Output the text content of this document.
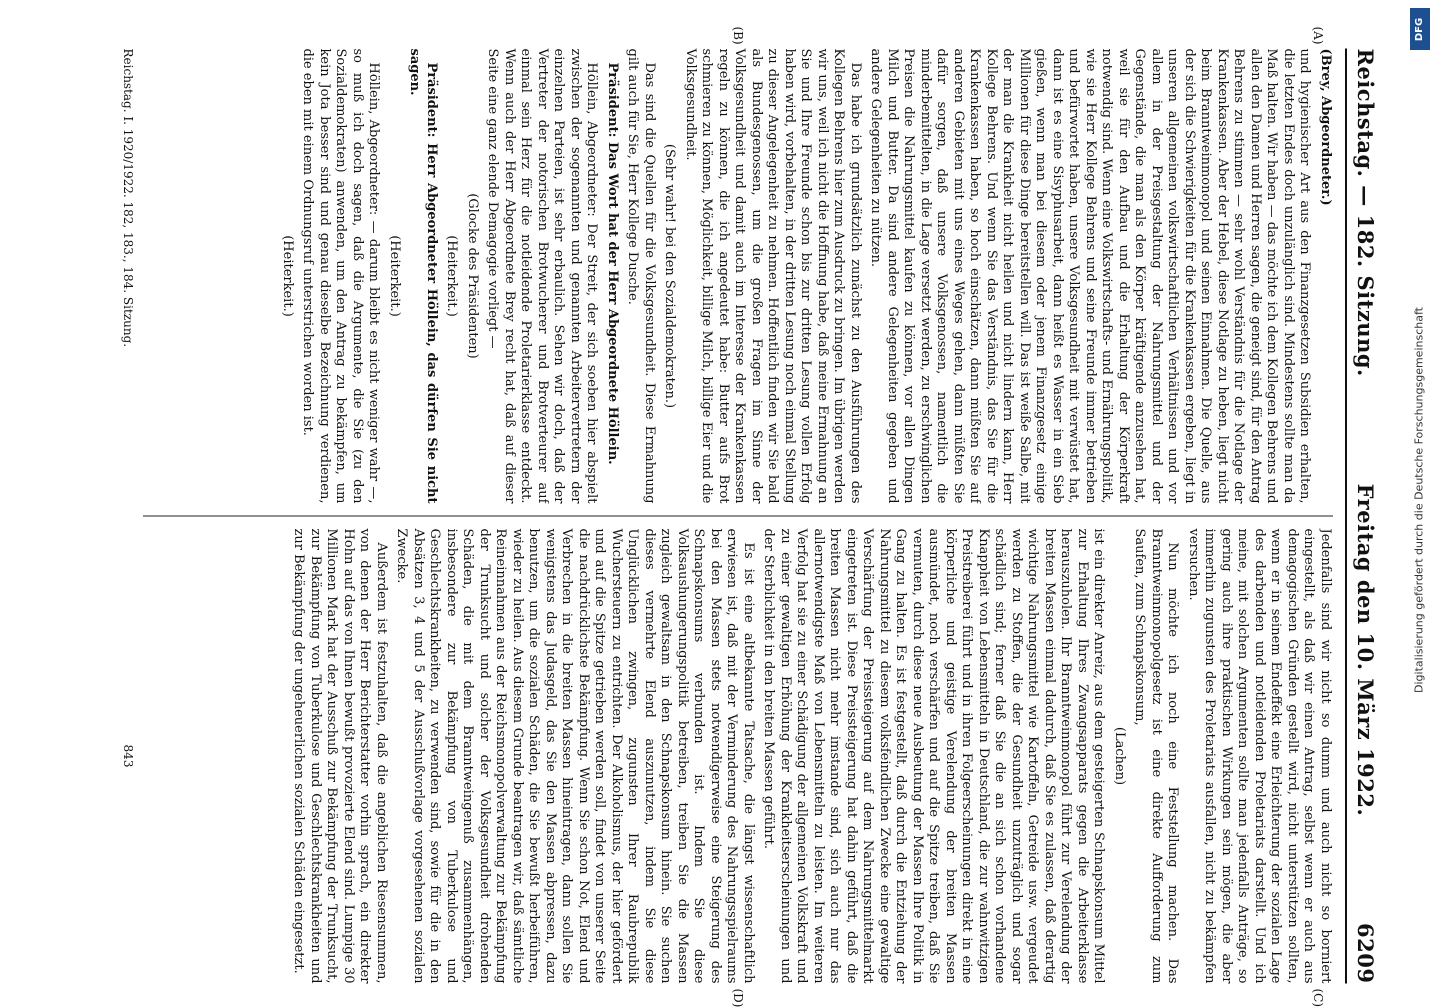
Reichstag. — 182. Sitzung.
Freitag den 10. März 1922.
6209

(Brey, Abgeordneter.)

und hygienischer Art aus den Finanzgesetzen Subsidien erhalten, die letzten Endes doch unzulänglich sind. Mindestens sollte man da Maß halten. Wir haben — das möchte ich dem Kollegen Behrens und allen den Damen und Herren sagen, die geneigt sind, für den Antrag Behrens zu stimmen — sehr wohl Verständnis für die Notlage der Krankenkassen. Aber der Hebel, diese Notlage zu heben, liegt nicht beim Branntweinmonopol und seinen Einnahmen. Die Quelle, aus der sich die Schwierigkeiten für die Krankenkassen ergeben, liegt in unseren allgemeinen volkswirtschaftlichen Verhältnissen und vor allem in der Preisgestaltung der Nahrungsmittel und der Gegenstände, die man als den Körper kräftigende anzusehen hat, weil sie für den Aufbau und die Erhaltung der Körperkraft notwendig sind. Wenn eine Volkswirtschafts- und Ernährungspolitik, wie sie Herr Kollege Behrens und seine Freunde immer betrieben und befürwortet haben, unsere Volksgesundheit mit verwüstet hat, dann ist es eine Sisyphusarbeit, dann heißt es Wasser in ein Sieb gießen, wenn man bei diesem oder jenem Finanzgesetz einige Millionen für diese Dinge bereitstellen will. Das ist weiße Salbe, mit der man die Krankheit nicht heilen und nicht lindern kann, Herr Kollege Behrens. Und wenn Sie das Verständnis, das Sie für die Krankenkassen haben, so hoch einschätzen, dann müßten Sie auf anderen Gebieten mit uns eines Weges gehen, dann müßten Sie dafür sorgen, daß unsere Volksgenossen, namentlich die minderbemittelten, in die Lage versetzt werden, zu erschwinglichen Preisen die Nahrungsmittel kaufen zu können, vor allen Dingen Milch und Butter. Da sind andere Gelegenheiten gegeben und andere Gelegenheiten zu nützen.

Das habe ich grundsätzlich zunächst zu den Ausführungen des Kollegen Behrens hier zum Ausdruck zu bringen. Im übrigen werden wir uns, weil ich nicht die Hoffnung habe, daß meine Ermahnung an Sie und Ihre Freunde schon bis zur dritten Lesung vollen Erfolg haben wird, vorbehalten, in der dritten Lesung noch einmal Stellung zu dieser Angelegenheit zu nehmen. Hoffentlich finden wir Sie bald als Bundesgenossen, um die großen Fragen im Sinne der Volksgesundheit und damit auch im Interesse der Krankenkassen regeln zu können, die ich angedeutet habe: Butter aufs Brot schmieren zu können, Möglichkeit, billige Milch, billige Eier und die Volksgesundheit.

(Sehr wahr! bei den Sozialdemokraten.)

Das sind die Quellen für die Volksgesundheit. Diese Ermahnung gilt auch für Sie, Herr Kollege Dusche.

Präsident: Das Wort hat der Herr Abgeordnete Höllein.

Höllein, Abgeordneter: Der Streit, der sich soeben hier abspielt zwischen der sogenannten und genannten Arbeitervertretern der einzelnen Parteien, ist sehr erbaulich. Sehen wir doch, daß der Vertreter der notorischen Brotwucherer und Brotverteurer auf einmal sein Herz für die notleidende Proletarierklasse entdeckt. Wenn auch der Herr Abgeordnete Brey recht hat, daß auf dieser Seite eine ganz elende Demagogie vorliegt —

(Glocke des Präsidenten)

(Heiterkeit.)

Präsident: Herr Abgeordneter Höllein, das dürfen Sie nicht sagen.

(Heiterkeit.)

Höllein, Abgeordneter: — darum bleibt es nicht weniger wahr —, so muß ich doch sagen, daß die Argumente, die Sie (zu den Sozialdemokraten) anwenden, um den Antrag zu bekämpfen, um kein Jota besser sind und genau dieselbe Bezeichnung verdienen, die eben mit einem Ordnungsruf unterstrichen worden ist.

(Heiterkeit.)

Jedenfalls sind wir nicht so dumm und auch nicht so borniert eingestellt, als daß wir einen Antrag, selbst wenn er auch aus demagogischen Gründen gestellt wird, nicht unterstützen sollten, wenn er in seinem Endeffekt eine Erleichterung der sozialen Lage des darbenden und notleidenden Proletariats darstellt. Und ich meine, mit solchen Argumenten sollte man jedenfalls Anträge, so gering auch ihre praktischen Wirkungen sein mögen, die aber immerhin zugunsten des Proletariats ausfallen, nicht zu bekämpfen versuchen.

Nun möchte ich noch eine Feststellung machen. Das Branntweinmonopolgesetz ist eine direkte Aufforderung zum Saufen, zum Schnapskonsum,

(Lachen)

ist ein direkter Anreiz, aus dem gesteigerten Schnapskonsum Mittel zur Erhaltung Ihres Zwangsapparats gegen die Arbeiterklasse herauszuholen. Ihr Branntweinmonopol führt zur Verelendung der breiten Massen einmal dadurch, daß Sie es zulassen, daß derartig wichtige Nahrungsmittel wie Kartoffeln, Getreide usw. vergeudet werden zu Stoffen, die der Gesundheit unzuträglich und sogar schädlich sind; ferner daß Sie die an sich schon vorhandene Knappheit von Lebensmitteln in Deutschland, die zur wahnwitzigen Preistreiberei führt und in ihren Folgeerscheinungen direkt in eine körperliche und geistige Verelendung der breiten Massen ausmündet, noch verschärfen und auf die Spitze treiben, daß Sie vermuten, durch diese neue Ausbeutung der Massen Ihre Politik in Gang zu halten. Es ist festgestellt, daß durch die Entziehung der Nahrungsmittel zu diesem volksfeindlichen Zwecke eine gewaltige Verschärfung der Preissteigerung auf dem Nahrungsmittelmarkt eingetreten ist. Diese Preissteigerung hat dahin geführt, daß die breiten Massen nicht mehr imstande sind, sich auch nur das allernotwendigste Maß von Lebensmitteln zu leisten. Im weiteren Verfolg hat sie zu einer Schädigung der allgemeinen Volkskraft und zu einer gewaltigen Erhöhung der Krankheitserscheinungen und der Sterblichkeit in den breiten Massen geführt.

Es ist eine altbekannte Tatsache, die längst wissenschaftlich erwiesen ist, daß mit der Verminderung des Nahrungsspielraums bei den Massen stets notwendigerweise eine Steigerung des Schnapskonsums verbunden ist. Indem Sie diese Volksaushungerungspolitik betreiben, treiben Sie die Massen zugleich gewaltsam in den Schnapskonsum hinein. Sie suchen dieses vermehrte Elend auszunutzen, indem Sie diese Unglücklichen zwingen, zugunsten Ihrer Raubrepublik Wuchersteuern zu entrichten. Der Alkoholismus, der hier gefördert und auf die Spitze getrieben werden soll, findet von unserer Seite die nachdrücklichste Bekämpfung. Wenn Sie schon Not, Elend und Verbrechen in die breiten Massen hineintragen, dann sollen Sie wenigstens das Judasgeld, das Sie den Massen abpressen, dazu benutzen, um die sozialen Schäden, die Sie bewußt herbeiführen, wieder zu heilen. Aus diesem Grunde beantragen wir, daß sämtliche Reineinnahmen aus der Reichsmonopolverwaltung zur Bekämpfung der Trunksucht und solcher der Volksgesundheit drohenden Schäden, die mit dem Branntweingenuß zusammenhängen, insbesondere zur Bekämpfung von Tuberkulose und Geschlechtskrankheiten, zu verwenden sind, sowie für die in den Absätzen 3, 4 und 5 der Ausschußvorlage vorgesehenen sozialen Zwecke.

Außerdem ist festzuhalten, daß die angeblichen Riesensummen, von denen der Herr Berichterstatter vorhin sprach, ein direkter Hohn auf das von Ihnen bewußt provozierte Elend sind. Lumpige 30 Millionen Mark hat der Ausschuß zur Bekämpfung der Trunksucht, zur Bekämpfung von Tuberkulose und Geschlechtskrankheiten und zur Bekämpfung der ungeheuerlichen sozialen Schäden eingesetzt.

(A)
(B)
(C)
(D)
Reichstag. I. 1920/1922. 182, 183., 184. Sitzung.
843
DFG
Digitalisierung gefördert durch die Deutsche Forschungsgemeinschaft
